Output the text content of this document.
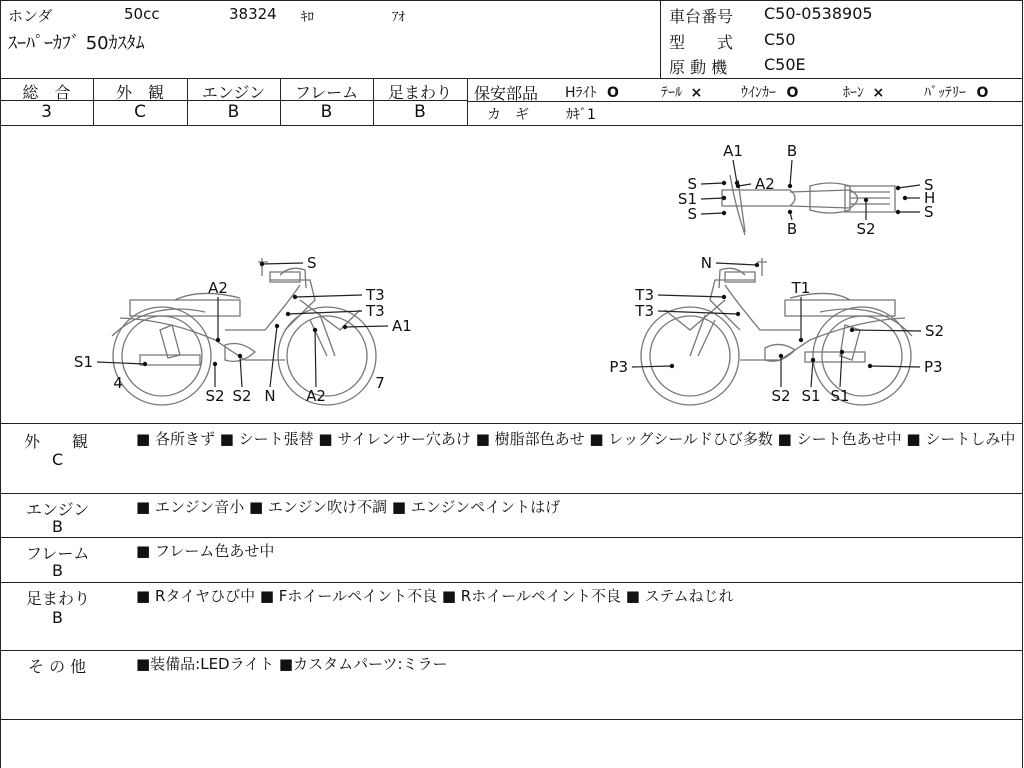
ホンダ	50cc	38324 ｷﾛ	ｱｵ
ｽｰﾊﾟｰｶﾌﾞ 50ｶｽﾀﾑ
車台番号 C50-0538905
型　　式 C50
原 動 機 C50E
総　合
3
外　観
C
エンジン
B
フレーム
B
足まわり
B
保安部品 Hﾗｲﾄ O	ﾃｰﾙ ×	ｳｲﾝｶｰ O	ﾎｰﾝ ×	ﾊﾞｯﾃﾘｰ O
カ　ギ	ｶｷﾞ1
A1	B
S	A2
S1
S
B	S2
S
H
S
S
A2	T3
T3
A1
S1
4
S2 S2 N A2
7
N
T3
T3
T1
S2
P3	P3
S2 S1 S1
外　　観
C
■ 各所きず ■ シート張替 ■ サイレンサー穴あけ ■ 樹脂部色あせ ■ レッグシールドひび多数 ■ シート色あせ中 ■ シートしみ中
エンジン
B
■ エンジン音小 ■ エンジン吹け不調 ■ エンジンペイントはげ
フレーム
B
■ フレーム色あせ中
足まわり
B
■ Rタイヤひび中 ■ Fホイールペイント不良 ■ Rホイールペイント不良 ■ ステムねじれ
そ の 他	■装備品:LEDライト ■カスタムパーツ:ミラー
